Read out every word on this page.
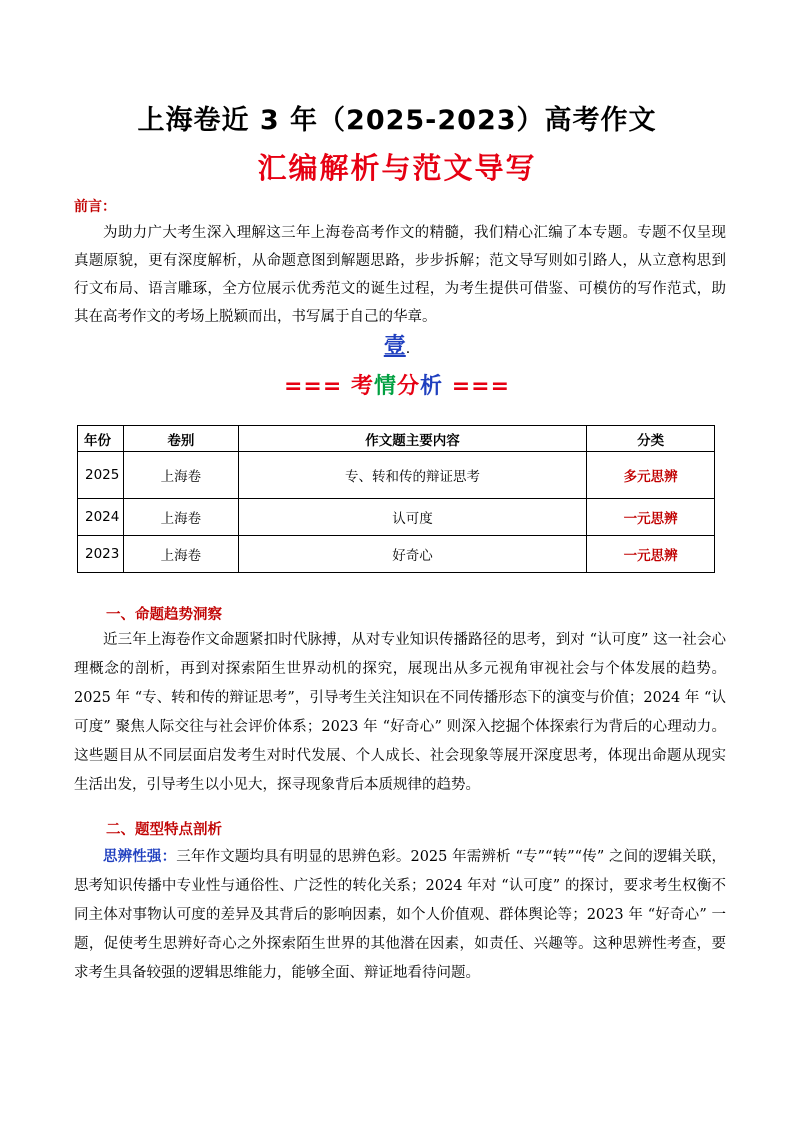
上海卷近 3 年（2025-2023）高考作文
汇编解析与范文导写
前言：

为助力广大考生深入理解这三年上海卷高考作文的精髓，我们精心汇编了本专题。专题不仅呈现真题原貌，更有深度解析，从命题意图到解题思路，步步拆解；范文导写则如引路人，从立意构思到行文布局、语言雕琢，全方位展示优秀范文的诞生过程，为考生提供可借鉴、可模仿的写作范式，助其在高考作文的考场上脱颖而出，书写属于自己的华章。

壹.
=== 考情分析 ===
年份	卷别	作文题主要内容	分类
2025	上海卷	专、转和传的辩证思考	多元思辨
2024	上海卷	认可度	一元思辨
2023	上海卷	好奇心	一元思辨
一、命题趋势洞察

近三年上海卷作文命题紧扣时代脉搏，从对专业知识传播路径的思考，到对 “认可度” 这一社会心理概念的剖析，再到对探索陌生世界动机的探究，展现出从多元视角审视社会与个体发展的趋势。2025 年 “专、转和传的辩证思考”，引导考生关注知识在不同传播形态下的演变与价值；2024 年 “认可度” 聚焦人际交往与社会评价体系；2023 年 “好奇心” 则深入挖掘个体探索行为背后的心理动力。这些题目从不同层面启发考生对时代发展、个人成长、社会现象等展开深度思考，体现出命题从现实生活出发，引导考生以小见大，探寻现象背后本质规律的趋势。

二、题型特点剖析

思辨性强：三年作文题均具有明显的思辨色彩。2025 年需辨析 “专”“转”“传” 之间的逻辑关联，思考知识传播中专业性与通俗性、广泛性的转化关系；2024 年对 “认可度” 的探讨，要求考生权衡不同主体对事物认可度的差异及其背后的影响因素，如个人价值观、群体舆论等；2023 年 “好奇心” 一题，促使考生思辨好奇心之外探索陌生世界的其他潜在因素，如责任、兴趣等。这种思辨性考查，要求考生具备较强的逻辑思维能力，能够全面、辩证地看待问题。
